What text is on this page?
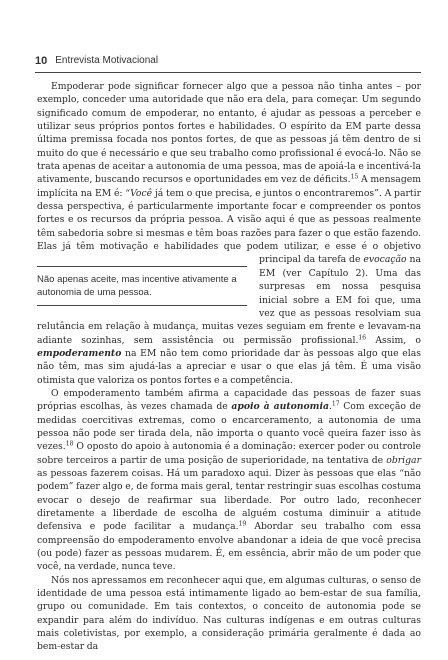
10 Entrevista Motivacional

Empoderar pode significar fornecer algo que a pessoa não tinha antes – por exemplo, conceder uma autoridade que não era dela, para começar. Um segundo significado comum de empoderar, no entanto, é ajudar as pessoas a perceber e utilizar seus próprios pontos fortes e habilidades. O espírito da EM parte dessa última premissa focada nos pontos fortes, de que as pessoas já têm dentro de si muito do que é necessário e que seu trabalho como profissional é evocá-lo. Não se trata apenas de aceitar a autonomia de uma pessoa, mas de apoiá-la e incentivá-la ativamente, buscando recursos e oportunidades em vez de déficits.$^{15}$ A mensagem implícita na EM é: “Você já tem o que precisa, e juntos o encontraremos”. A partir dessa perspectiva, é particularmente importante focar e compreender os pontos fortes e os recursos da própria pessoa. A visão aqui é que as pessoas realmente têm sabedoria sobre si mesmas e têm boas razões para fazer o que estão fazendo. Elas já têm motivação e habilidades que podem utilizar, e esse é o objetivo principal da tarefa de
Não apenas aceite, mas incentive ativamente a autonomia de uma pessoa.
evocação na EM (ver Capítulo 2). Uma das surpresas em nossa pesquisa inicial sobre a EM foi que, uma vez que as pessoas resolviam sua relutância em relação à mudança, muitas vezes seguiam em frente e levavam-na adiante sozinhas, sem assistência ou permissão profissional.$^{16}$ Assim, o empoderamento na EM não tem como prioridade dar às pessoas algo que elas não têm, mas sim ajudá-las a apreciar e usar o que elas já têm. É uma visão otimista que valoriza os pontos fortes e a competência.

O empoderamento também afirma a capacidade das pessoas de fazer suas próprias escolhas, às vezes chamada de apoio à autonomia.$^{17}$ Com exceção de medidas coercitivas extremas, como o encarceramento, a autonomia de uma pessoa não pode ser tirada dela, não importa o quanto você queira fazer isso às vezes.$^{18}$ O oposto do apoio à autonomia é a dominação: exercer poder ou controle sobre terceiros a partir de uma posição de superioridade, na tentativa de obrigar as pessoas fazerem coisas. Há um paradoxo aqui. Dizer às pessoas que elas “não podem” fazer algo e, de forma mais geral, tentar restringir suas escolhas costuma evocar o desejo de reafirmar sua liberdade. Por outro lado, reconhecer diretamente a liberdade de escolha de alguém costuma diminuir a atitude defensiva e pode facilitar a mudança.$^{19}$ Abordar seu trabalho com essa compreensão do empoderamento envolve abandonar a ideia de que você precisa (ou pode) fazer as pessoas mudarem. É, em essência, abrir mão de um poder que você, na verdade, nunca teve.

Nós nos apressamos em reconhecer aqui que, em algumas culturas, o senso de identidade de uma pessoa está intimamente ligado ao bem-estar de sua família, grupo ou comunidade. Em tais contextos, o conceito de autonomia pode se expandir para além do indivíduo. Nas culturas indígenas e em outras culturas mais coletivistas, por exemplo, a consideração primária geralmente é dada ao bem-estar da
